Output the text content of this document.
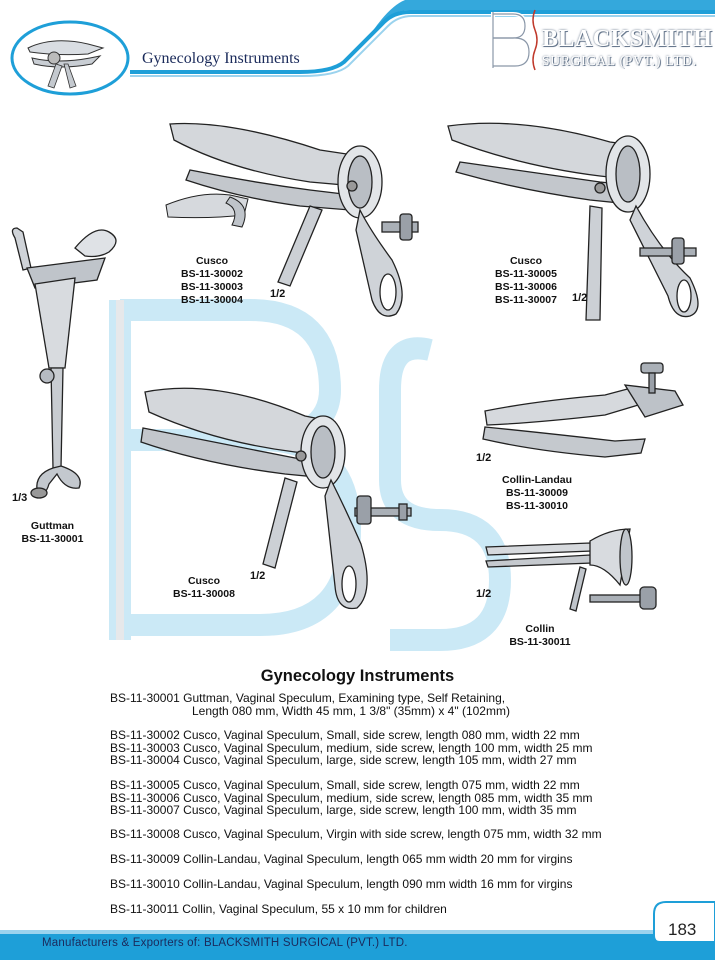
Gynecology Instruments
BLACKSMITH
SURGICAL (PVT.) LTD.
Guttman
BS-11-30001
1/3
Cusco
BS-11-30002
BS-11-30003
BS-11-30004	1/2
Cusco
BS-11-30005
BS-11-30006
BS-11-30007	1/2
Cusco
BS-11-30008
1/2
Collin-Landau
BS-11-30009
BS-11-30010
1/2
Collin
BS-11-30011
1/2
Gynecology Instruments
BS-11-30001 Guttman, Vaginal Speculum, Examining type, Self Retaining,
Length 080 mm, Width 45 mm, 1 3/8" (35mm) x 4" (102mm)
BS-11-30002 Cusco, Vaginal Speculum, Small, side screw, length 080 mm, width 22 mm
BS-11-30003 Cusco, Vaginal Speculum, medium, side screw, length 100 mm, width 25 mm
BS-11-30004 Cusco, Vaginal Speculum, large, side screw, length 105 mm, width 27 mm
BS-11-30005 Cusco, Vaginal Speculum, Small, side screw, length 075 mm, width 22 mm
BS-11-30006 Cusco, Vaginal Speculum, medium, side screw, length 085 mm, width 35 mm
BS-11-30007 Cusco, Vaginal Speculum, large, side screw, length 100 mm, width 35 mm
BS-11-30008 Cusco, Vaginal Speculum, Virgin with side screw, length 075 mm, width 32 mm
BS-11-30009 Collin-Landau, Vaginal Speculum, length 065 mm width 20 mm for virgins
BS-11-30010 Collin-Landau, Vaginal Speculum, length 090 mm width 16 mm for virgins
BS-11-30011 Collin, Vaginal Speculum, 55 x 10 mm for children
Manufacturers & Exporters of: BLACKSMITH SURGICAL (PVT.) LTD.
183
